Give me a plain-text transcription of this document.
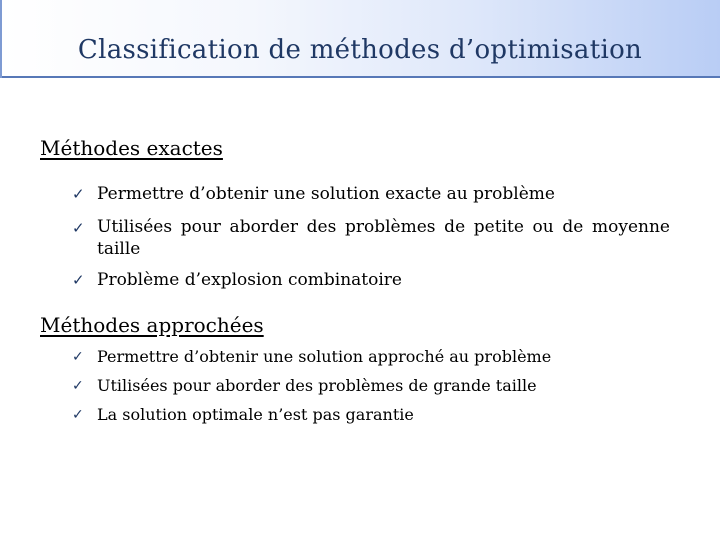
Classification de méthodes d’optimisation
Méthodes exactes
✓ Permettre d’obtenir une solution exacte au problème
✓ Utilisées pour aborder des problèmes de petite ou de moyenne taille
✓ Problème d’explosion combinatoire
Méthodes approchées
✓ Permettre d’obtenir une solution approché au problème
✓ Utilisées pour aborder des problèmes de grande taille
✓ La solution optimale n’est pas garantie
